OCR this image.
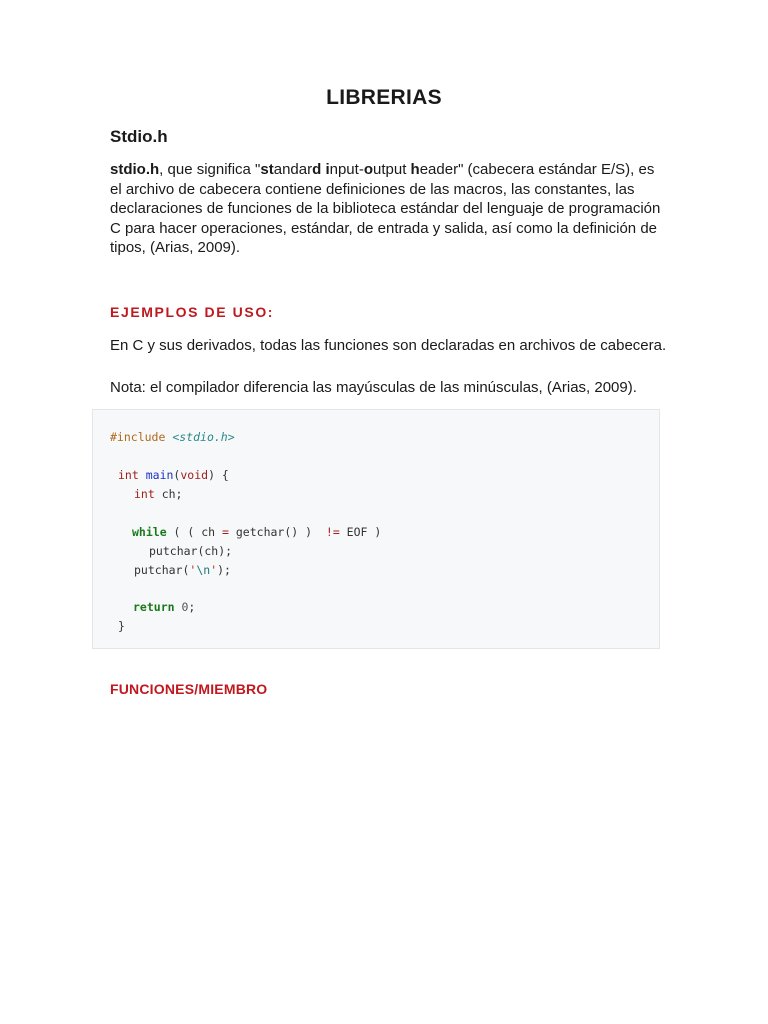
LIBRERIAS
Stdio.h
stdio.h, que significa "standard input-output header" (cabecera estándar E/S), es el archivo de cabecera contiene definiciones de las macros, las constantes, las declaraciones de funciones de la biblioteca estándar del lenguaje de programación C para hacer operaciones, estándar, de entrada y salida, así como la definición de tipos, (Arias, 2009).
EJEMPLOS DE USO:
En C y sus derivados, todas las funciones son declaradas en archivos de cabecera.
Nota: el compilador diferencia las mayúsculas de las minúsculas, (Arias, 2009).
#include <stdio.h>
int main(void) {
int ch;
while ( ( ch = getchar() )  != EOF )
putchar(ch);
putchar('\n');
return 0;
}
FUNCIONES/MIEMBRO
